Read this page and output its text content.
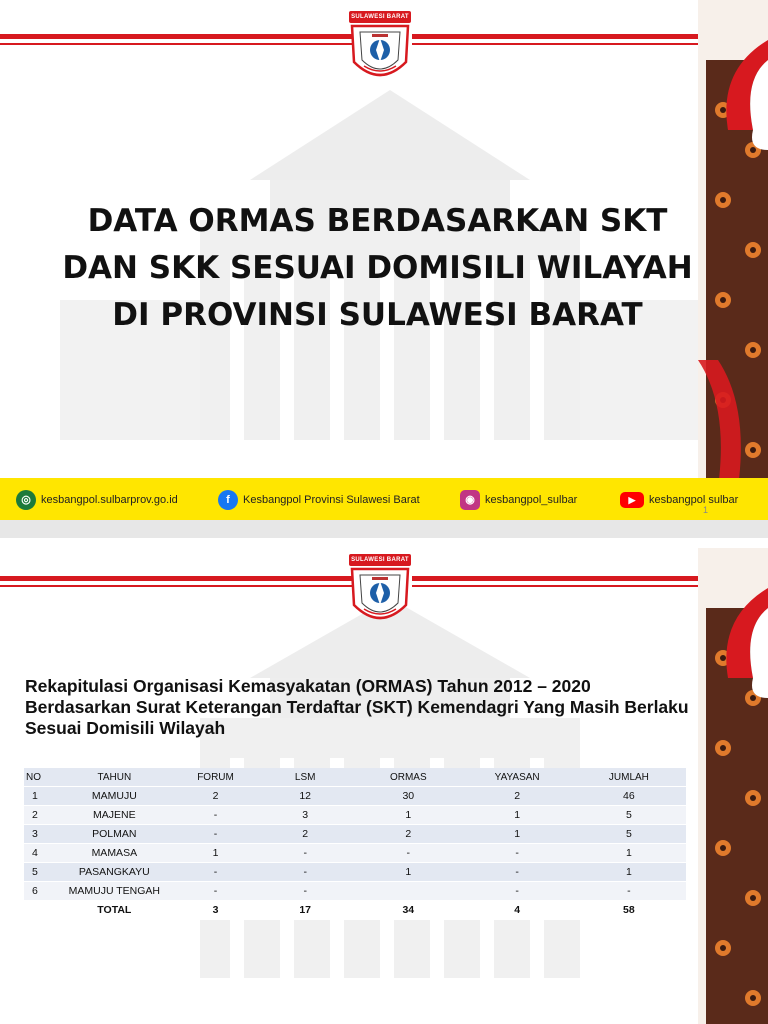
SULAWESI BARAT
DATA ORMAS BERDASARKAN SKT
DAN SKK SESUAI DOMISILI WILAYAH
DI PROVINSI SULAWESI BARAT
◎ kesbangpol.sulbarprov.go.id	f	Kesbangpol Provinsi Sulawesi Barat	◉ kesbangpol_sulbar	▶	kesbangpol sulbar
1
SULAWESI BARAT
Rekapitulasi Organisasi Kemasyakatan (ORMAS) Tahun 2012 – 2020
Berdasarkan Surat Keterangan Terdaftar (SKT) Kemendagri Yang Masih Berlaku
Sesuai Domisili Wilayah
NO	TAHUN	FORUM	LSM	ORMAS	YAYASAN	JUMLAH
1	MAMUJU	2	12	30	2	46
2	MAJENE	-	3	1	1	5
3	POLMAN	-	2	2	1	5
4	MAMASA	1	-	-	-	1
5	PASANGKAYU	-	-	1	-	1
6	MAMUJU TENGAH	-	-		-	-
	TOTAL	3	17	34	4	58
